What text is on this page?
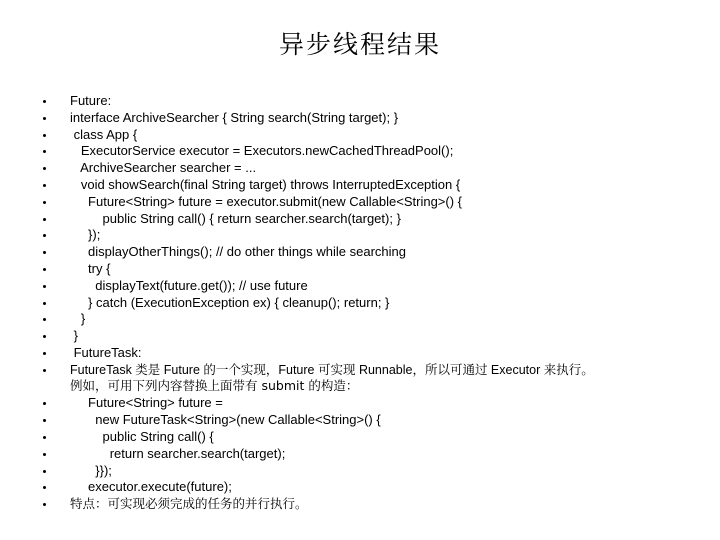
异步线程结果
Future:
interface ArchiveSearcher { String search(String target); }
class App {
ExecutorService executor = Executors.newCachedThreadPool();
ArchiveSearcher searcher = ...
void showSearch(final String target) throws InterruptedException {
Future<String> future = executor.submit(new Callable<String>() {
public String call() { return searcher.search(target); }
});
displayOtherThings(); // do other things while searching
try {
displayText(future.get()); // use future
} catch (ExecutionException ex) { cleanup(); return; }
}
}
FutureTask:
FutureTask 类是 Future 的一个实现，Future 可实现 Runnable，所以可通过 Executor 来执行。
例如，可用下列内容替换上面带有 submit 的构造：
Future<String> future =
new FutureTask<String>(new Callable<String>() {
public String call() {
return searcher.search(target);
}});
executor.execute(future);
特点：可实现必须完成的任务的并行执行。
